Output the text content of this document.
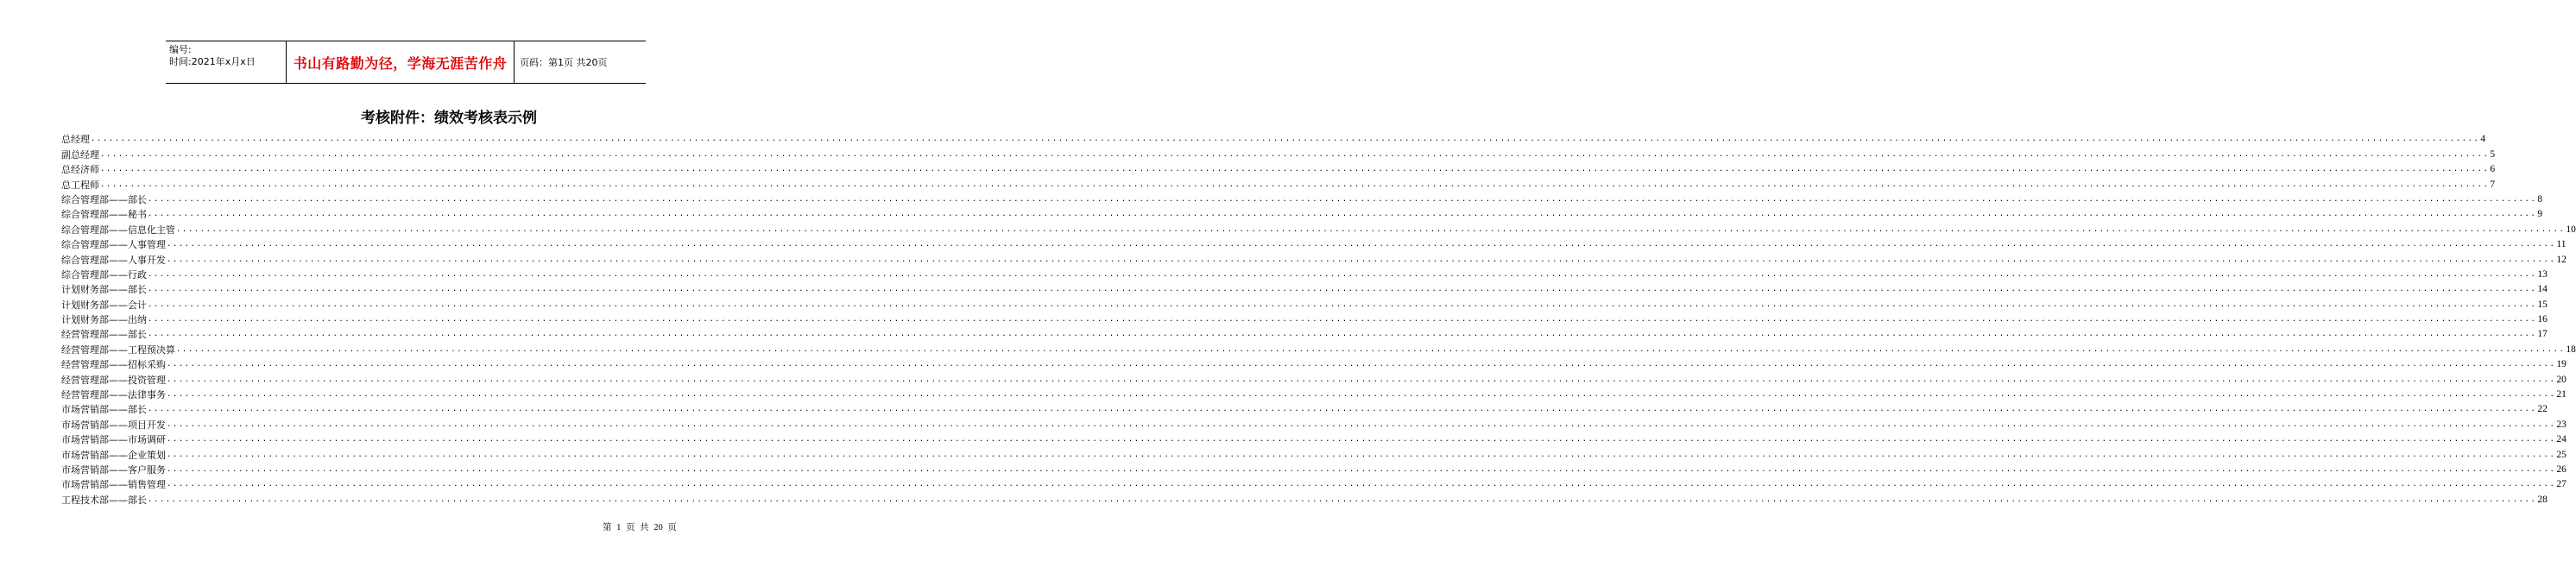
编号:
时间:2021年x月x日	书山有路勤为径，学海无涯苦作舟	页码：第1页 共20页
考核附件：绩效考核表示例
总经理 ................................................................................................................................................................................................................................................................................................................................................................................................................ 4
副总经理 ................................................................................................................................................................................................................................................................................................................................................................................................................ 5
总经济师 ................................................................................................................................................................................................................................................................................................................................................................................................................ 6
总工程师 ................................................................................................................................................................................................................................................................................................................................................................................................................ 7
综合管理部——部长 ................................................................................................................................................................................................................................................................................................................................................................................................................ 8
综合管理部——秘书 ................................................................................................................................................................................................................................................................................................................................................................................................................ 9
综合管理部——信息化主管 ................................................................................................................................................................................................................................................................................................................................................................................................................ 10
综合管理部——人事管理 ................................................................................................................................................................................................................................................................................................................................................................................................................ 11
综合管理部——人事开发 ................................................................................................................................................................................................................................................................................................................................................................................................................ 12
综合管理部——行政 ................................................................................................................................................................................................................................................................................................................................................................................................................ 13
计划财务部——部长 ................................................................................................................................................................................................................................................................................................................................................................................................................ 14
计划财务部——会计 ................................................................................................................................................................................................................................................................................................................................................................................................................ 15
计划财务部——出纳 ................................................................................................................................................................................................................................................................................................................................................................................................................ 16
经营管理部——部长 ................................................................................................................................................................................................................................................................................................................................................................................................................ 17
经营管理部——工程预决算 ................................................................................................................................................................................................................................................................................................................................................................................................................ 18
经营管理部——招标采购 ................................................................................................................................................................................................................................................................................................................................................................................................................ 19
经营管理部——投资管理 ................................................................................................................................................................................................................................................................................................................................................................................................................ 20
经营管理部——法律事务 ................................................................................................................................................................................................................................................................................................................................................................................................................ 21
市场营销部——部长 ................................................................................................................................................................................................................................................................................................................................................................................................................ 22
市场营销部——项目开发 ................................................................................................................................................................................................................................................................................................................................................................................................................ 23
市场营销部——市场调研 ................................................................................................................................................................................................................................................................................................................................................................................................................ 24
市场营销部——企业策划 ................................................................................................................................................................................................................................................................................................................................................................................................................ 25
市场营销部——客户服务 ................................................................................................................................................................................................................................................................................................................................................................................................................ 26
市场营销部——销售管理 ................................................................................................................................................................................................................................................................................................................................................................................................................ 27
工程技术部——部长 ................................................................................................................................................................................................................................................................................................................................................................................................................ 28
第 1 页 共 20 页
